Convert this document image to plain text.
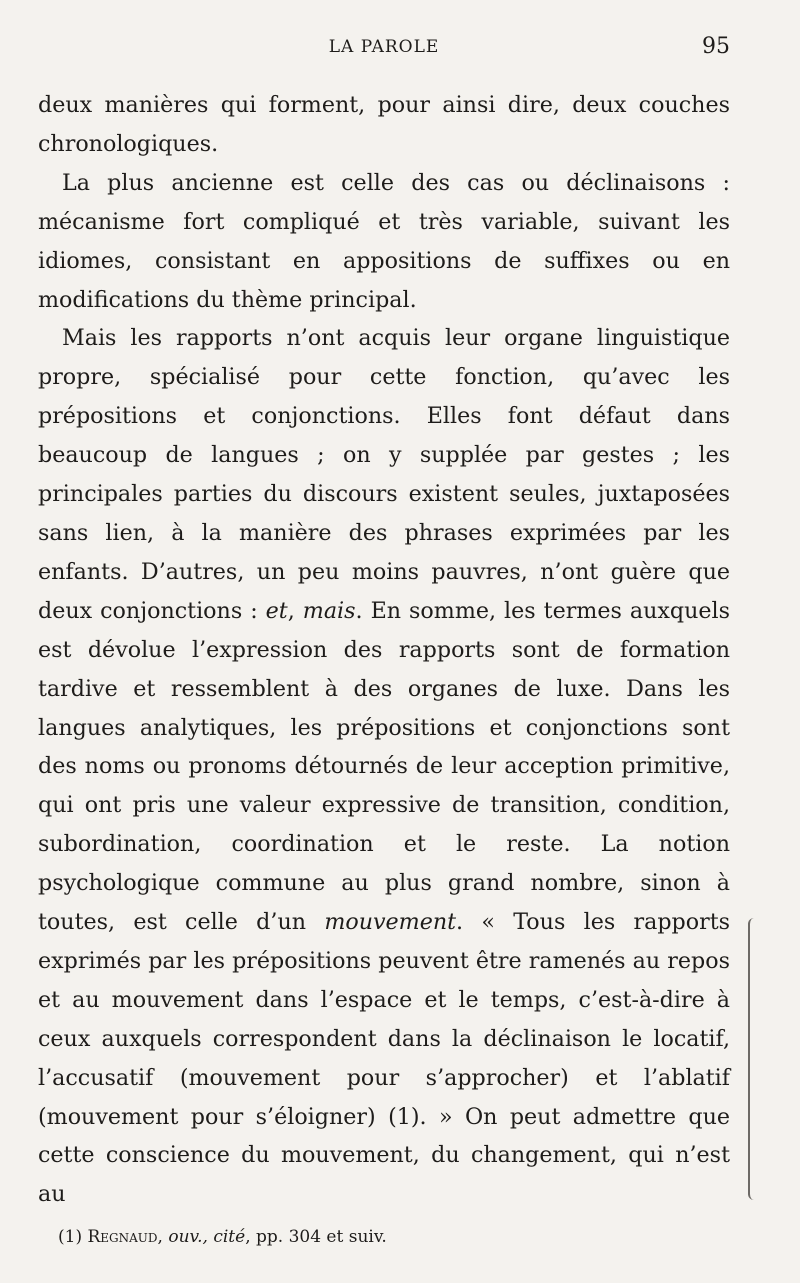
LA PAROLE	95

deux manières qui forment, pour ainsi dire, deux couches chronologiques.

La plus ancienne est celle des cas ou déclinaisons : mécanisme fort compliqué et très variable, suivant les idiomes, consistant en appositions de suffixes ou en modifications du thème principal.

Mais les rapports n’ont acquis leur organe linguistique propre, spécialisé pour cette fonction, qu’avec les prépositions et conjonctions. Elles font défaut dans beaucoup de langues ; on y supplée par gestes ; les principales parties du discours existent seules, juxtaposées sans lien, à la manière des phrases exprimées par les enfants. D’autres, un peu moins pauvres, n’ont guère que deux conjonctions : et, mais. En somme, les termes auxquels est dévolue l’expression des rapports sont de formation tardive et ressemblent à des organes de luxe. Dans les langues analytiques, les prépositions et conjonctions sont des noms ou pronoms détournés de leur acception primitive, qui ont pris une valeur expressive de transition, condition, subordination, coordination et le reste. La notion psychologique commune au plus grand nombre, sinon à toutes, est celle d’un mouvement. « Tous les rapports exprimés par les prépositions peuvent être ramenés au repos et au mouvement dans l’espace et le temps, c’est-à-dire à ceux auxquels correspondent dans la déclinaison le locatif, l’accusatif (mouvement pour s’approcher) et l’ablatif (mouvement pour s’éloigner) (1). » On peut admettre que cette conscience du mouvement, du changement, qui n’est au

(1) Regnaud, ouv., cité, pp. 304 et suiv.
